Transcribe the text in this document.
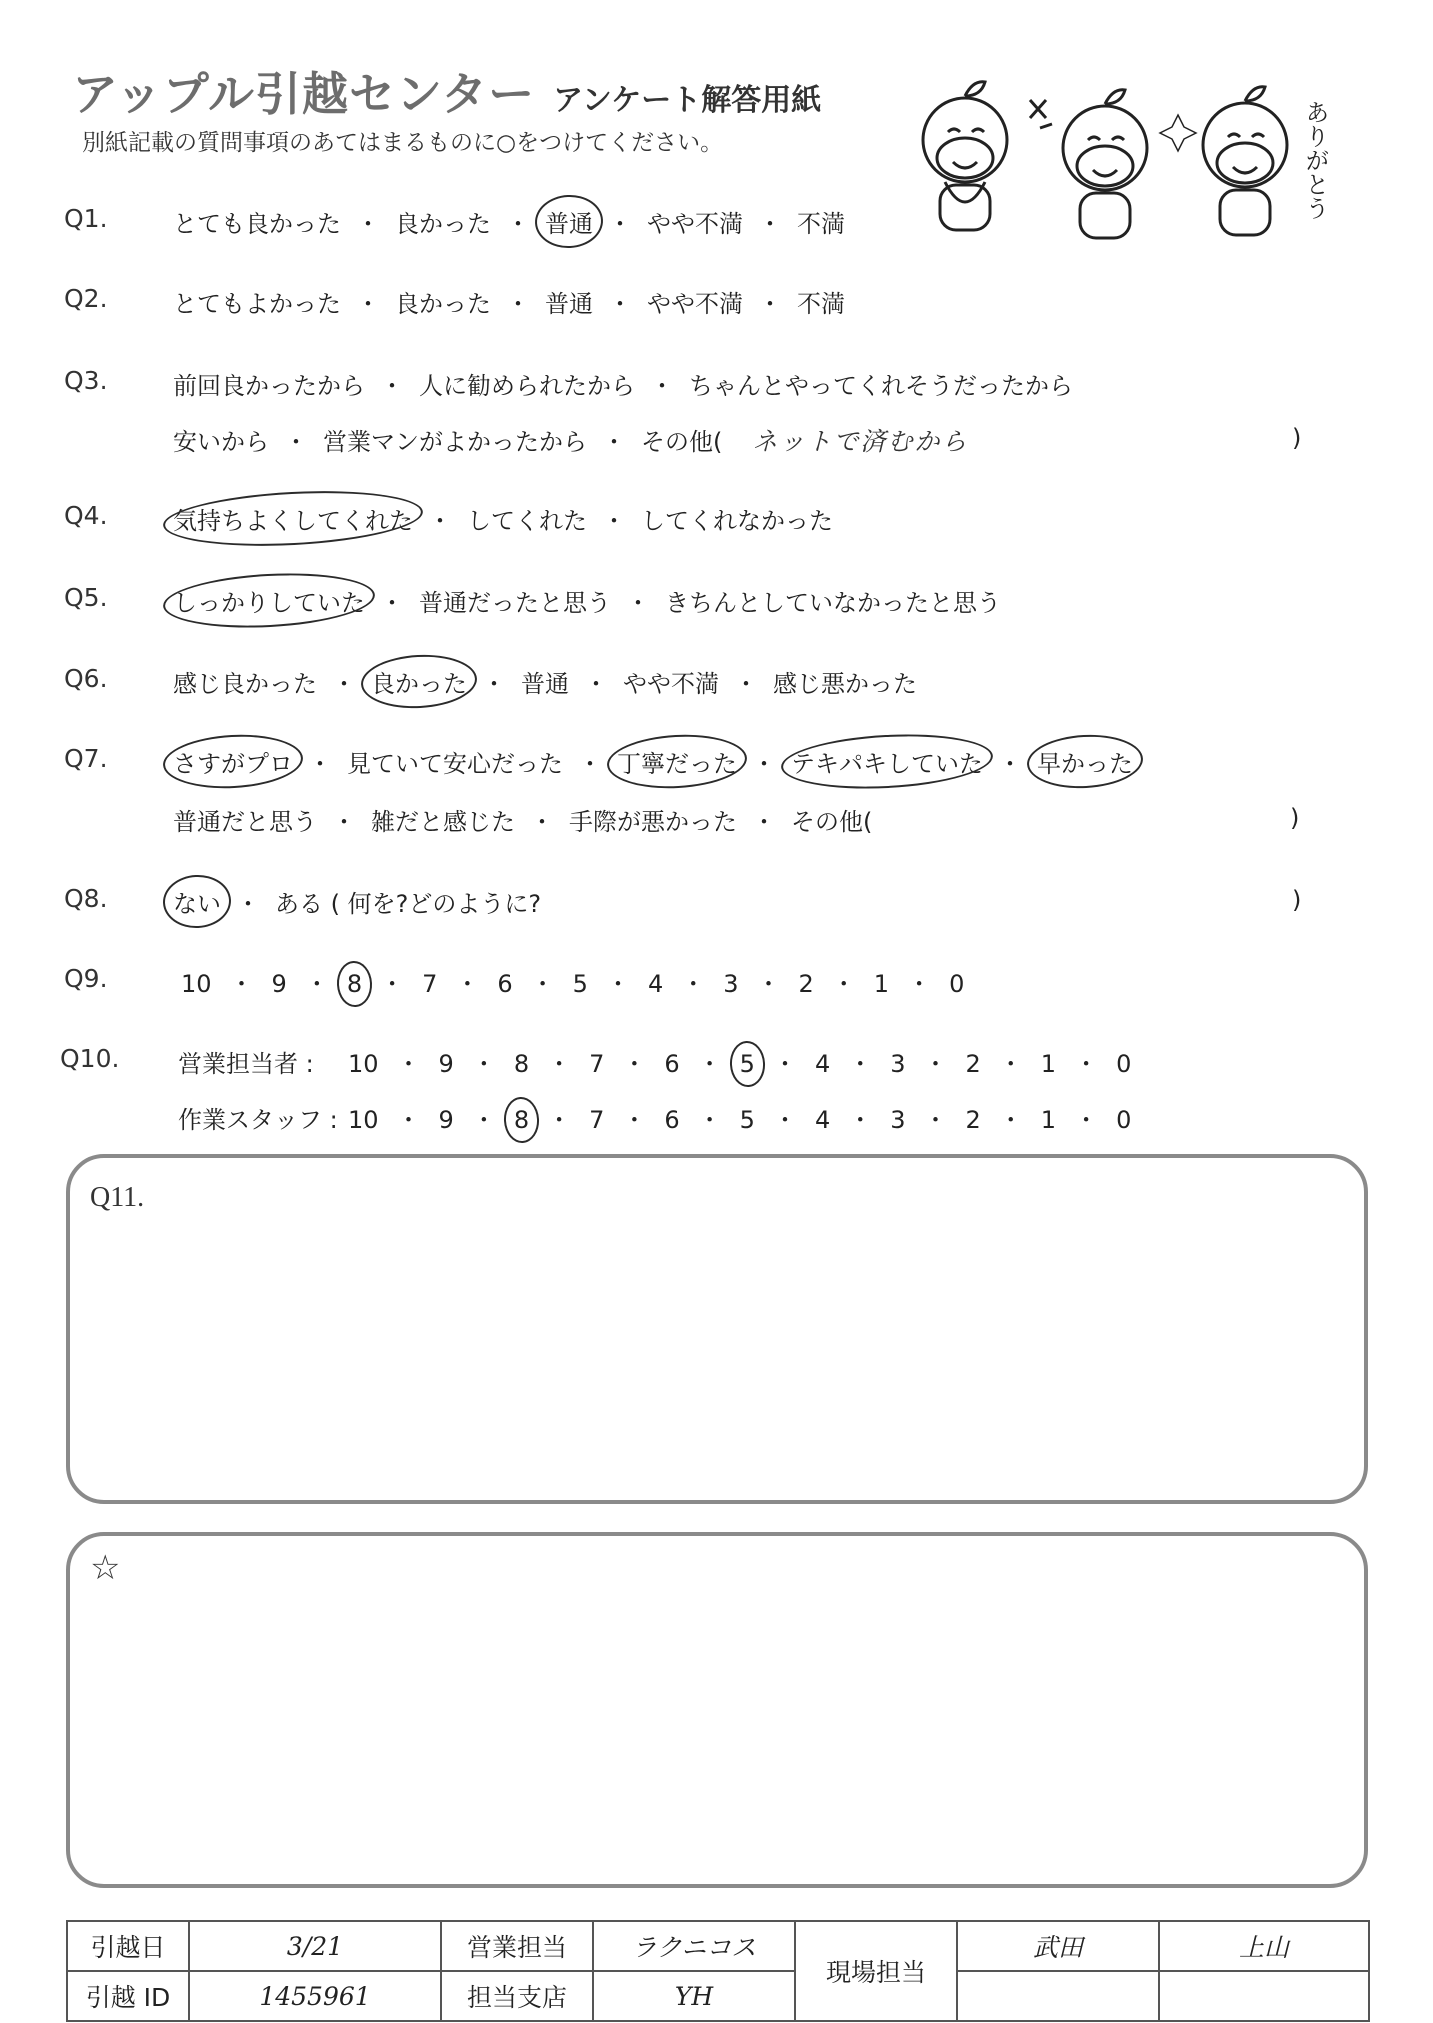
アップル引越センター アンケート解答用紙
別紙記載の質問事項のあてはまるものに○をつけてください。	ありがとう
Q1.	とても良かった ・ 良かった ・ 普通 ・ やや不満 ・ 不満
Q2.	とてもよかった ・ 良かった ・ 普通 ・ やや不満 ・ 不満
Q3.	前回良かったから ・ 人に勧められたから ・ ちゃんとやってくれそうだったから
安いから ・ 営業マンがよかったから ・ その他( ネットで済むから	)
Q4.	気持ちよくしてくれた ・ してくれた ・ してくれなかった
Q5.	しっかりしていた ・ 普通だったと思う ・ きちんとしていなかったと思う
Q6.	感じ良かった ・ 良かった ・ 普通 ・ やや不満 ・ 感じ悪かった
Q7.	さすがプロ ・ 見ていて安心だった ・ 丁寧だった ・ テキパキしていた ・ 早かった
普通だと思う ・ 雑だと感じた ・ 手際が悪かった ・ その他(	)
Q8.	ない ・ ある ( 何を?どのように?	)
Q9.	10 ・ 9 ・ 8 ・ 7 ・ 6 ・ 5 ・ 4 ・ 3 ・ 2 ・ 1 ・ 0
Q10. 営業担当者 :	10 ・ 9 ・ 8 ・ 7 ・ 6 ・ 5 ・ 4 ・ 3 ・ 2 ・ 1 ・ 0
作業スタッフ : 10 ・ 9 ・ 8 ・ 7 ・ 6 ・ 5 ・ 4 ・ 3 ・ 2 ・ 1 ・ 0
Q11.
☆
引越日	3/21	営業担当	ラクニコス	現場担当	武田	上山
引越 ID	1455961	担当支店	YH			
